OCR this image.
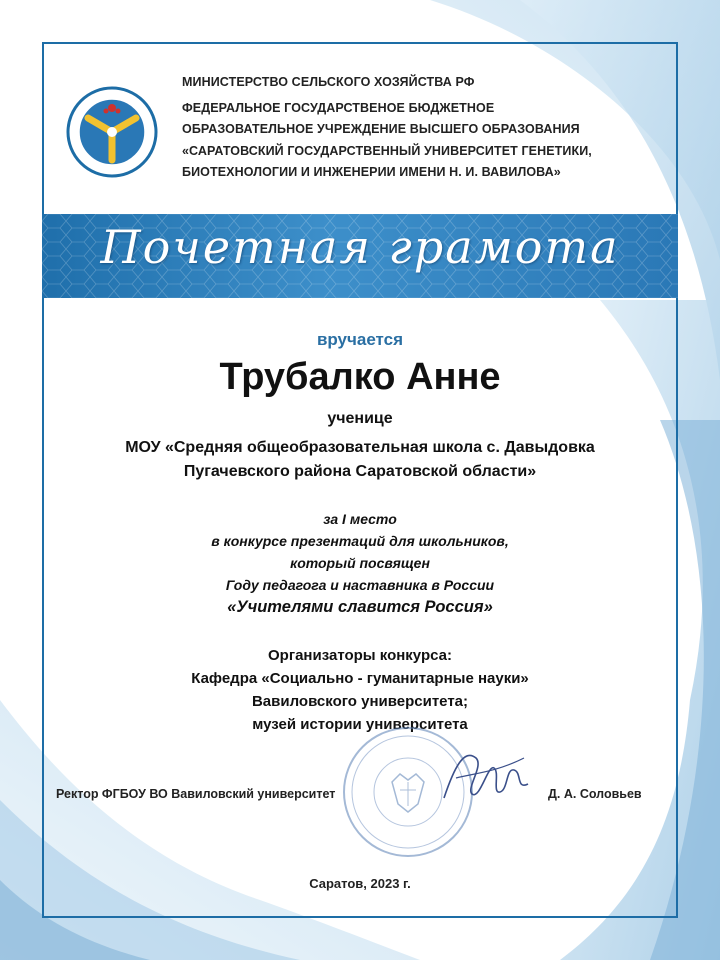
МИНИСТЕРСТВО СЕЛЬСКОГО ХОЗЯЙСТВА РФ
ФЕДЕРАЛЬНОЕ ГОСУДАРСТВЕНОЕ БЮДЖЕТНОЕ
ОБРАЗОВАТЕЛЬНОЕ УЧРЕЖДЕНИЕ ВЫСШЕГО ОБРАЗОВАНИЯ
«САРАТОВСКИЙ ГОСУДАРСТВЕННЫЙ УНИВЕРСИТЕТ ГЕНЕТИКИ,
БИОТЕХНОЛОГИИ И ИНЖЕНЕРИИ ИМЕНИ Н. И. ВАВИЛОВА»
Почетная грамота
вручается
Трубалко Анне
ученице
МОУ «Средняя общеобразовательная школа с. Давыдовка
Пугачевского района Саратовской области»
за I место
в конкурсе презентаций для школьников,
который посвящен
Году педагога и наставника в России
«Учителями славится Россия»
Организаторы конкурса:
Кафедра «Социально - гуманитарные науки»
Вавиловского университета;
музей истории университета
Ректор ФГБОУ ВО Вавиловский университет	Д. А. Соловьев
Саратов, 2023 г.
